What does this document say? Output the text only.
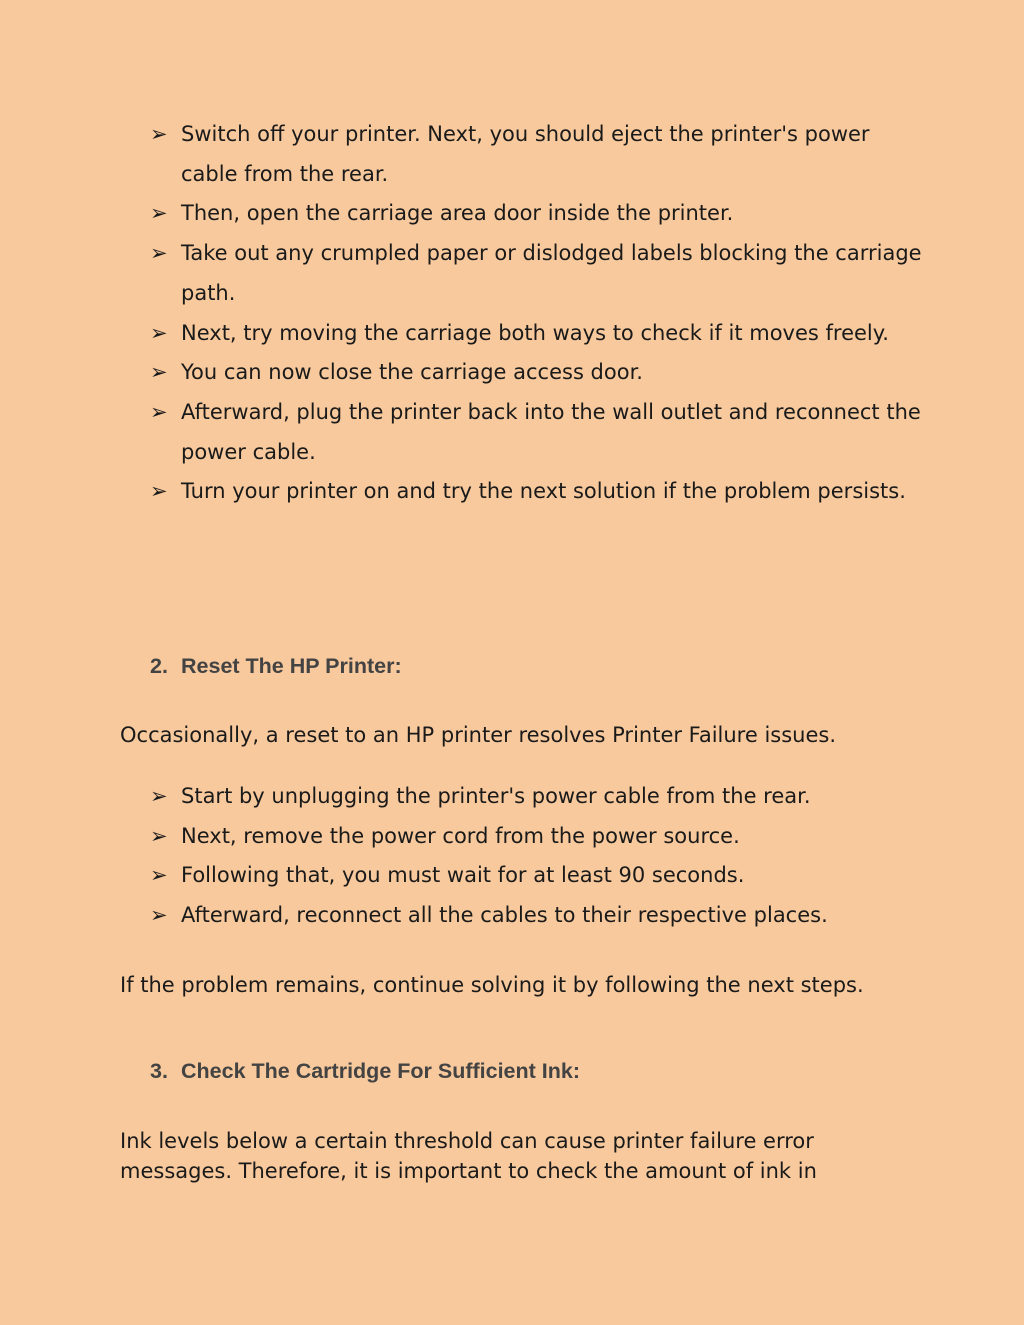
➢ Switch off your printer. Next, you should eject the printer's power cable from the rear.
➢ Then, open the carriage area door inside the printer.
➢ Take out any crumpled paper or dislodged labels blocking the carriage path.
➢ Next, try moving the carriage both ways to check if it moves freely.
➢ You can now close the carriage access door.
➢ Afterward, plug the printer back into the wall outlet and reconnect the power cable.
➢ Turn your printer on and try the next solution if the problem persists.
2. Reset The HP Printer:

Occasionally, a reset to an HP printer resolves Printer Failure issues.

➢ Start by unplugging the printer's power cable from the rear.
➢ Next, remove the power cord from the power source.
➢ Following that, you must wait for at least 90 seconds.
➢ Afterward, reconnect all the cables to their respective places.

If the problem remains, continue solving it by following the next steps.

3. Check The Cartridge For Sufficient Ink:

Ink levels below a certain threshold can cause printer failure error messages. Therefore, it is important to check the amount of ink in
